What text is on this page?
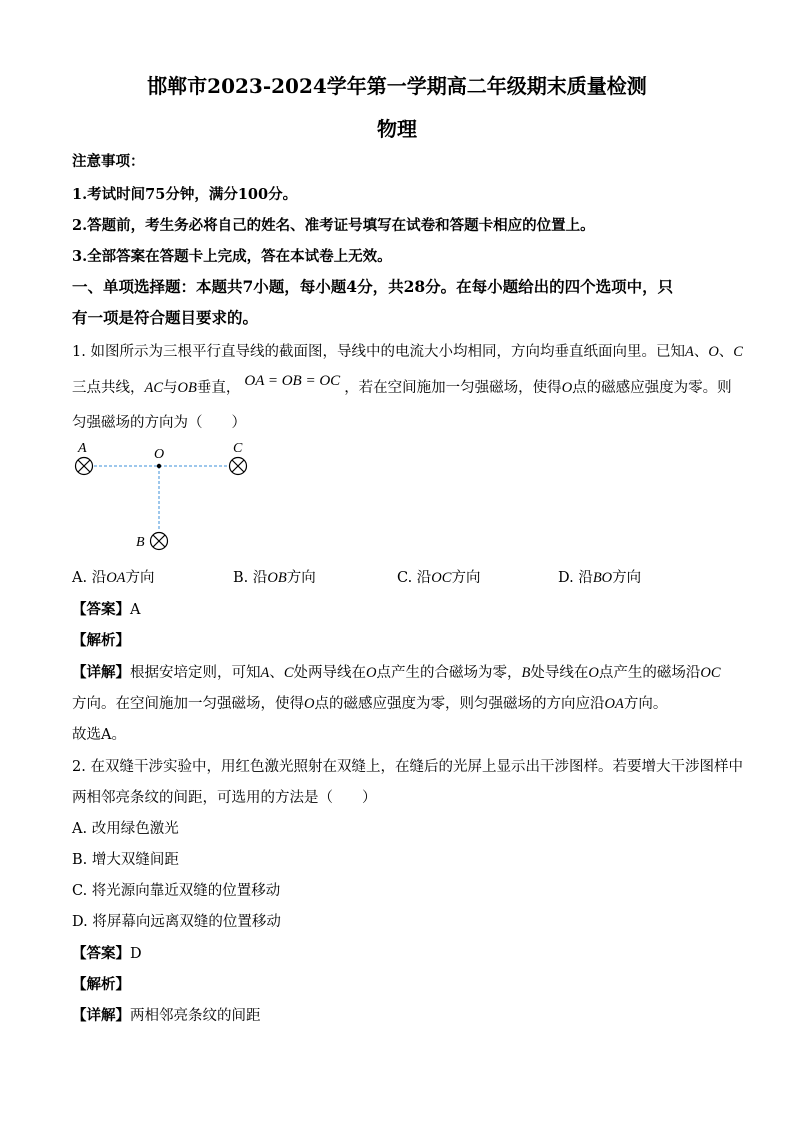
邯郸市2023-2024学年第一学期高二年级期末质量检测
物理
注意事项：
1.考试时间75分钟，满分100分。
2.答题前，考生务必将自己的姓名、准考证号填写在试卷和答题卡相应的位置上。
3.全部答案在答题卡上完成，答在本试卷上无效。
一、单项选择题：本题共7小题，每小题4分，共28分。在每小题给出的四个选项中，只
有一项是符合题目要求的。
1. 如图所示为三根平行直导线的截面图，导线中的电流大小均相同，方向均垂直纸面向里。已知A、O、C
三点共线，AC与OB垂直， OA = OB = OC ，若在空间施加一匀强磁场，使得O点的磁感应强度为零。则
匀强磁场的方向为（　　）
A	O	C
B
A. 沿OA方向	B. 沿OB方向	C. 沿OC方向	D. 沿BO方向
【答案】A
【解析】
【详解】根据安培定则，可知A、C处两导线在O点产生的合磁场为零，B处导线在O点产生的磁场沿OC
方向。在空间施加一匀强磁场，使得O点的磁感应强度为零，则匀强磁场的方向应沿OA方向。
故选A。
2. 在双缝干涉实验中，用红色激光照射在双缝上，在缝后的光屏上显示出干涉图样。若要增大干涉图样中
两相邻亮条纹的间距，可选用的方法是（　　）
A. 改用绿色激光
B. 增大双缝间距
C. 将光源向靠近双缝的位置移动
D. 将屏幕向远离双缝的位置移动
【答案】D
【解析】
【详解】两相邻亮条纹的间距
